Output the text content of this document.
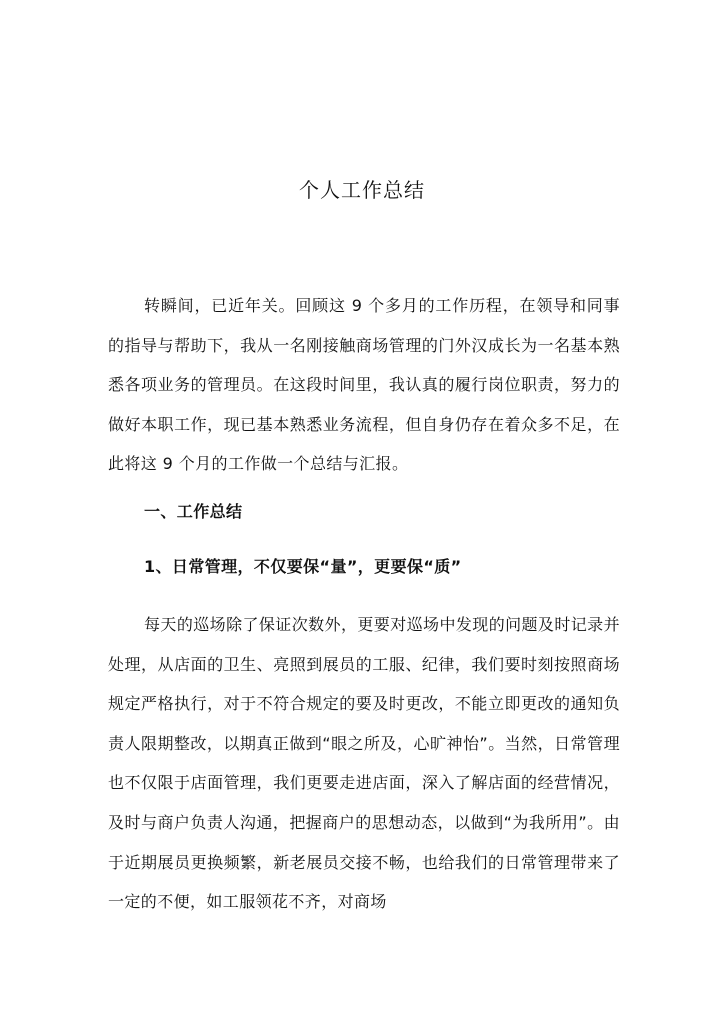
个人工作总结

转瞬间，已近年关。回顾这 9 个多月的工作历程，在领导和同事的指导与帮助下，我从一名刚接触商场管理的门外汉成长为一名基本熟悉各项业务的管理员。在这段时间里，我认真的履行岗位职责，努力的做好本职工作，现已基本熟悉业务流程，但自身仍存在着众多不足，在此将这 9 个月的工作做一个总结与汇报。

一、工作总结
1、日常管理，不仅要保“量”，更要保“质”

每天的巡场除了保证次数外，更要对巡场中发现的问题及时记录并处理，从店面的卫生、亮照到展员的工服、纪律，我们要时刻按照商场规定严格执行，对于不符合规定的要及时更改，不能立即更改的通知负责人限期整改，以期真正做到“眼之所及，心旷神怡”。当然，日常管理也不仅限于店面管理，我们更要走进店面，深入了解店面的经营情况，及时与商户负责人沟通，把握商户的思想动态，以做到“为我所用”。由于近期展员更换频繁，新老展员交接不畅，也给我们的日常管理带来了一定的不便，如工服领花不齐，对商场
